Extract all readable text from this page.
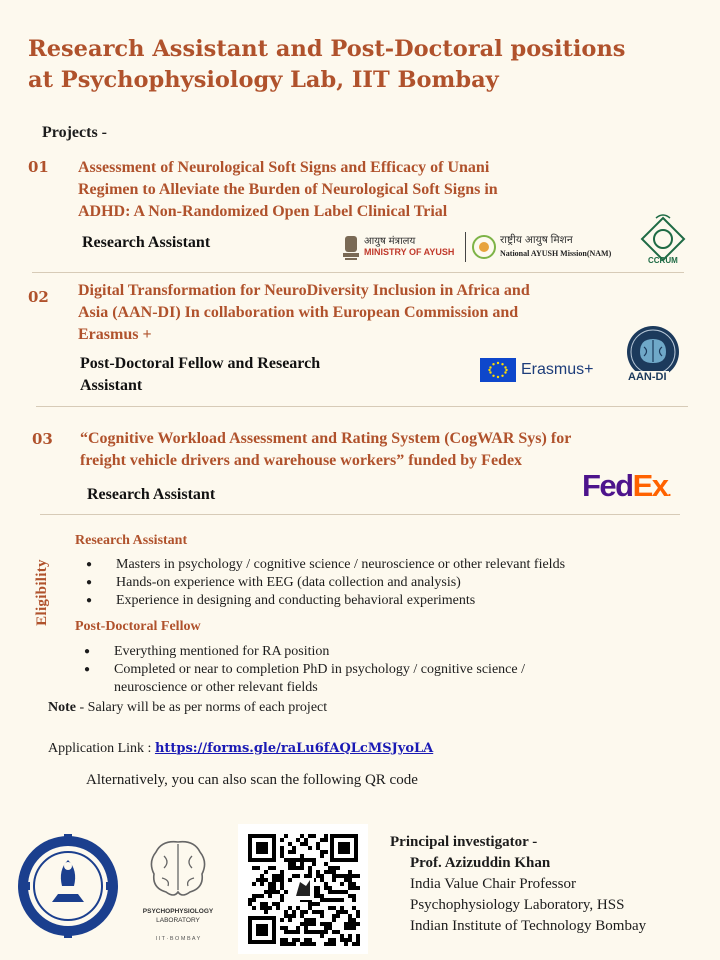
Research Assistant and Post-Doctoral positions
at Psychophysiology Lab, IIT Bombay
Projects -
01 Assessment of Neurological Soft Signs and Efficacy of Unani
Regimen to Alleviate the Burden of Neurological Soft Signs in
ADHD: A Non-Randomized Open Label Clinical Trial
Research Assistant	आयुष मंत्रालय
MINISTRY OF AYUSH
राष्ट्रीय आयुष मिशन
National AYUSH Mission(NAM)
CCRUM
02 Digital Transformation for NeuroDiversity Inclusion in Africa and
Asia (AAN-DI) In collaboration with European Commission and
Erasmus +
Post-Doctoral Fellow and Research
Assistant
Erasmus+	AAN-DI
03 “Cognitive Workload Assessment and Rating System (CogWAR Sys) for
freight vehicle drivers and warehouse workers” funded by Fedex
Research Assistant	FedEx.
Eligibility
Research Assistant
● Masters in psychology / cognitive science / neuroscience or other relevant fields
● Hands-on experience with EEG (data collection and analysis)
● Experience in designing and conducting behavioral experiments
Post-Doctoral Fellow
● Everything mentioned for RA position
● Completed or near to completion PhD in psychology / cognitive science / neuroscience or other relevant fields
Note - Salary will be as per norms of each project
Application Link : https://forms.gle/raLu6fAQLcMSJyoLA
Alternatively, you can also scan the following QR code
PSYCHOPHYSIOLOGY
LABORATORY
I I T · B O M B A Y
Principal investigator -
Prof. Azizuddin Khan
India Value Chair Professor
Psychophysiology Laboratory, HSS
Indian Institute of Technology Bombay
